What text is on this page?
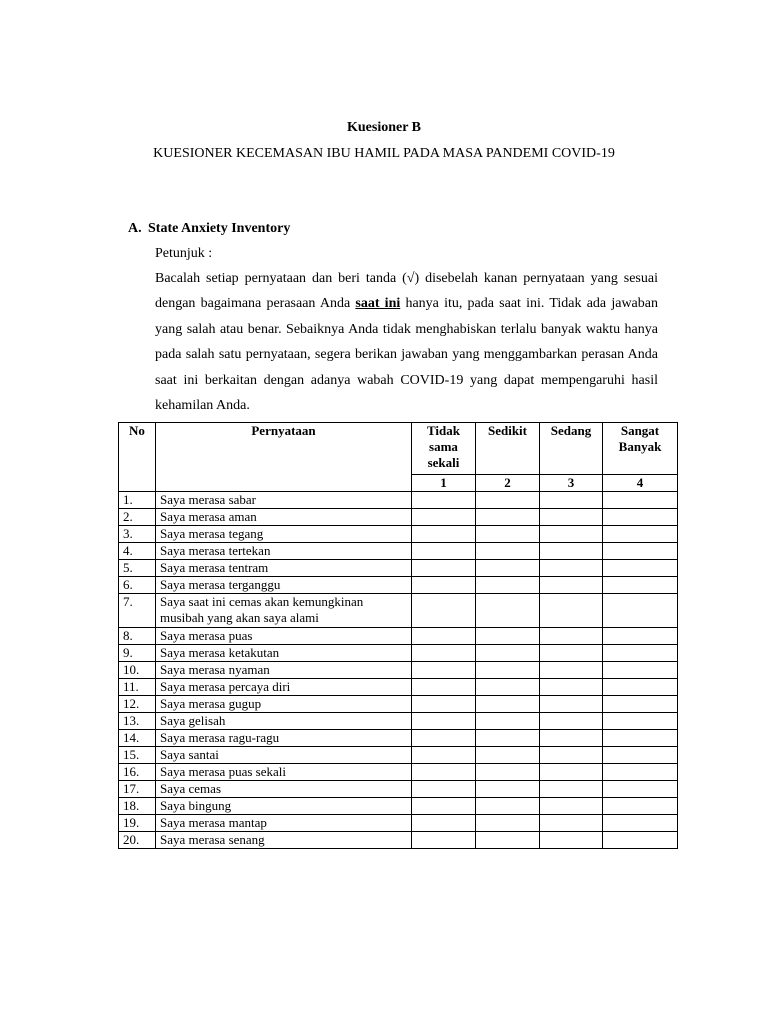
Kuesioner B
KUESIONER KECEMASAN IBU HAMIL PADA MASA PANDEMI COVID-19
A. State Anxiety Inventory
Petunjuk :
Bacalah setiap pernyataan dan beri tanda (√) disebelah kanan pernyataan yang sesuai dengan bagaimana perasaan Anda saat ini hanya itu, pada saat ini. Tidak ada jawaban yang salah atau benar. Sebaiknya Anda tidak menghabiskan terlalu banyak waktu hanya pada salah satu pernyataan, segera berikan jawaban yang menggambarkan perasan Anda saat ini berkaitan dengan adanya wabah COVID-19 yang dapat mempengaruhi hasil kehamilan Anda.
No	Pernyataan	Tidak sama sekali	Sedikit	Sedang	Sangat Banyak
		1	2	3	4
1.	Saya merasa sabar				
2.	Saya merasa aman				
3.	Saya merasa tegang				
4.	Saya merasa tertekan				
5.	Saya merasa tentram				
6.	Saya merasa terganggu				
7.	Saya saat ini cemas akan kemungkinan musibah yang akan saya alami				
8.	Saya merasa puas				
9.	Saya merasa ketakutan				
10.	Saya merasa nyaman				
11.	Saya merasa percaya diri				
12.	Saya merasa gugup				
13.	Saya gelisah				
14.	Saya merasa ragu-ragu				
15.	Saya santai				
16.	Saya merasa puas sekali				
17.	Saya cemas				
18.	Saya bingung				
19.	Saya merasa mantap				
20.	Saya merasa senang				
